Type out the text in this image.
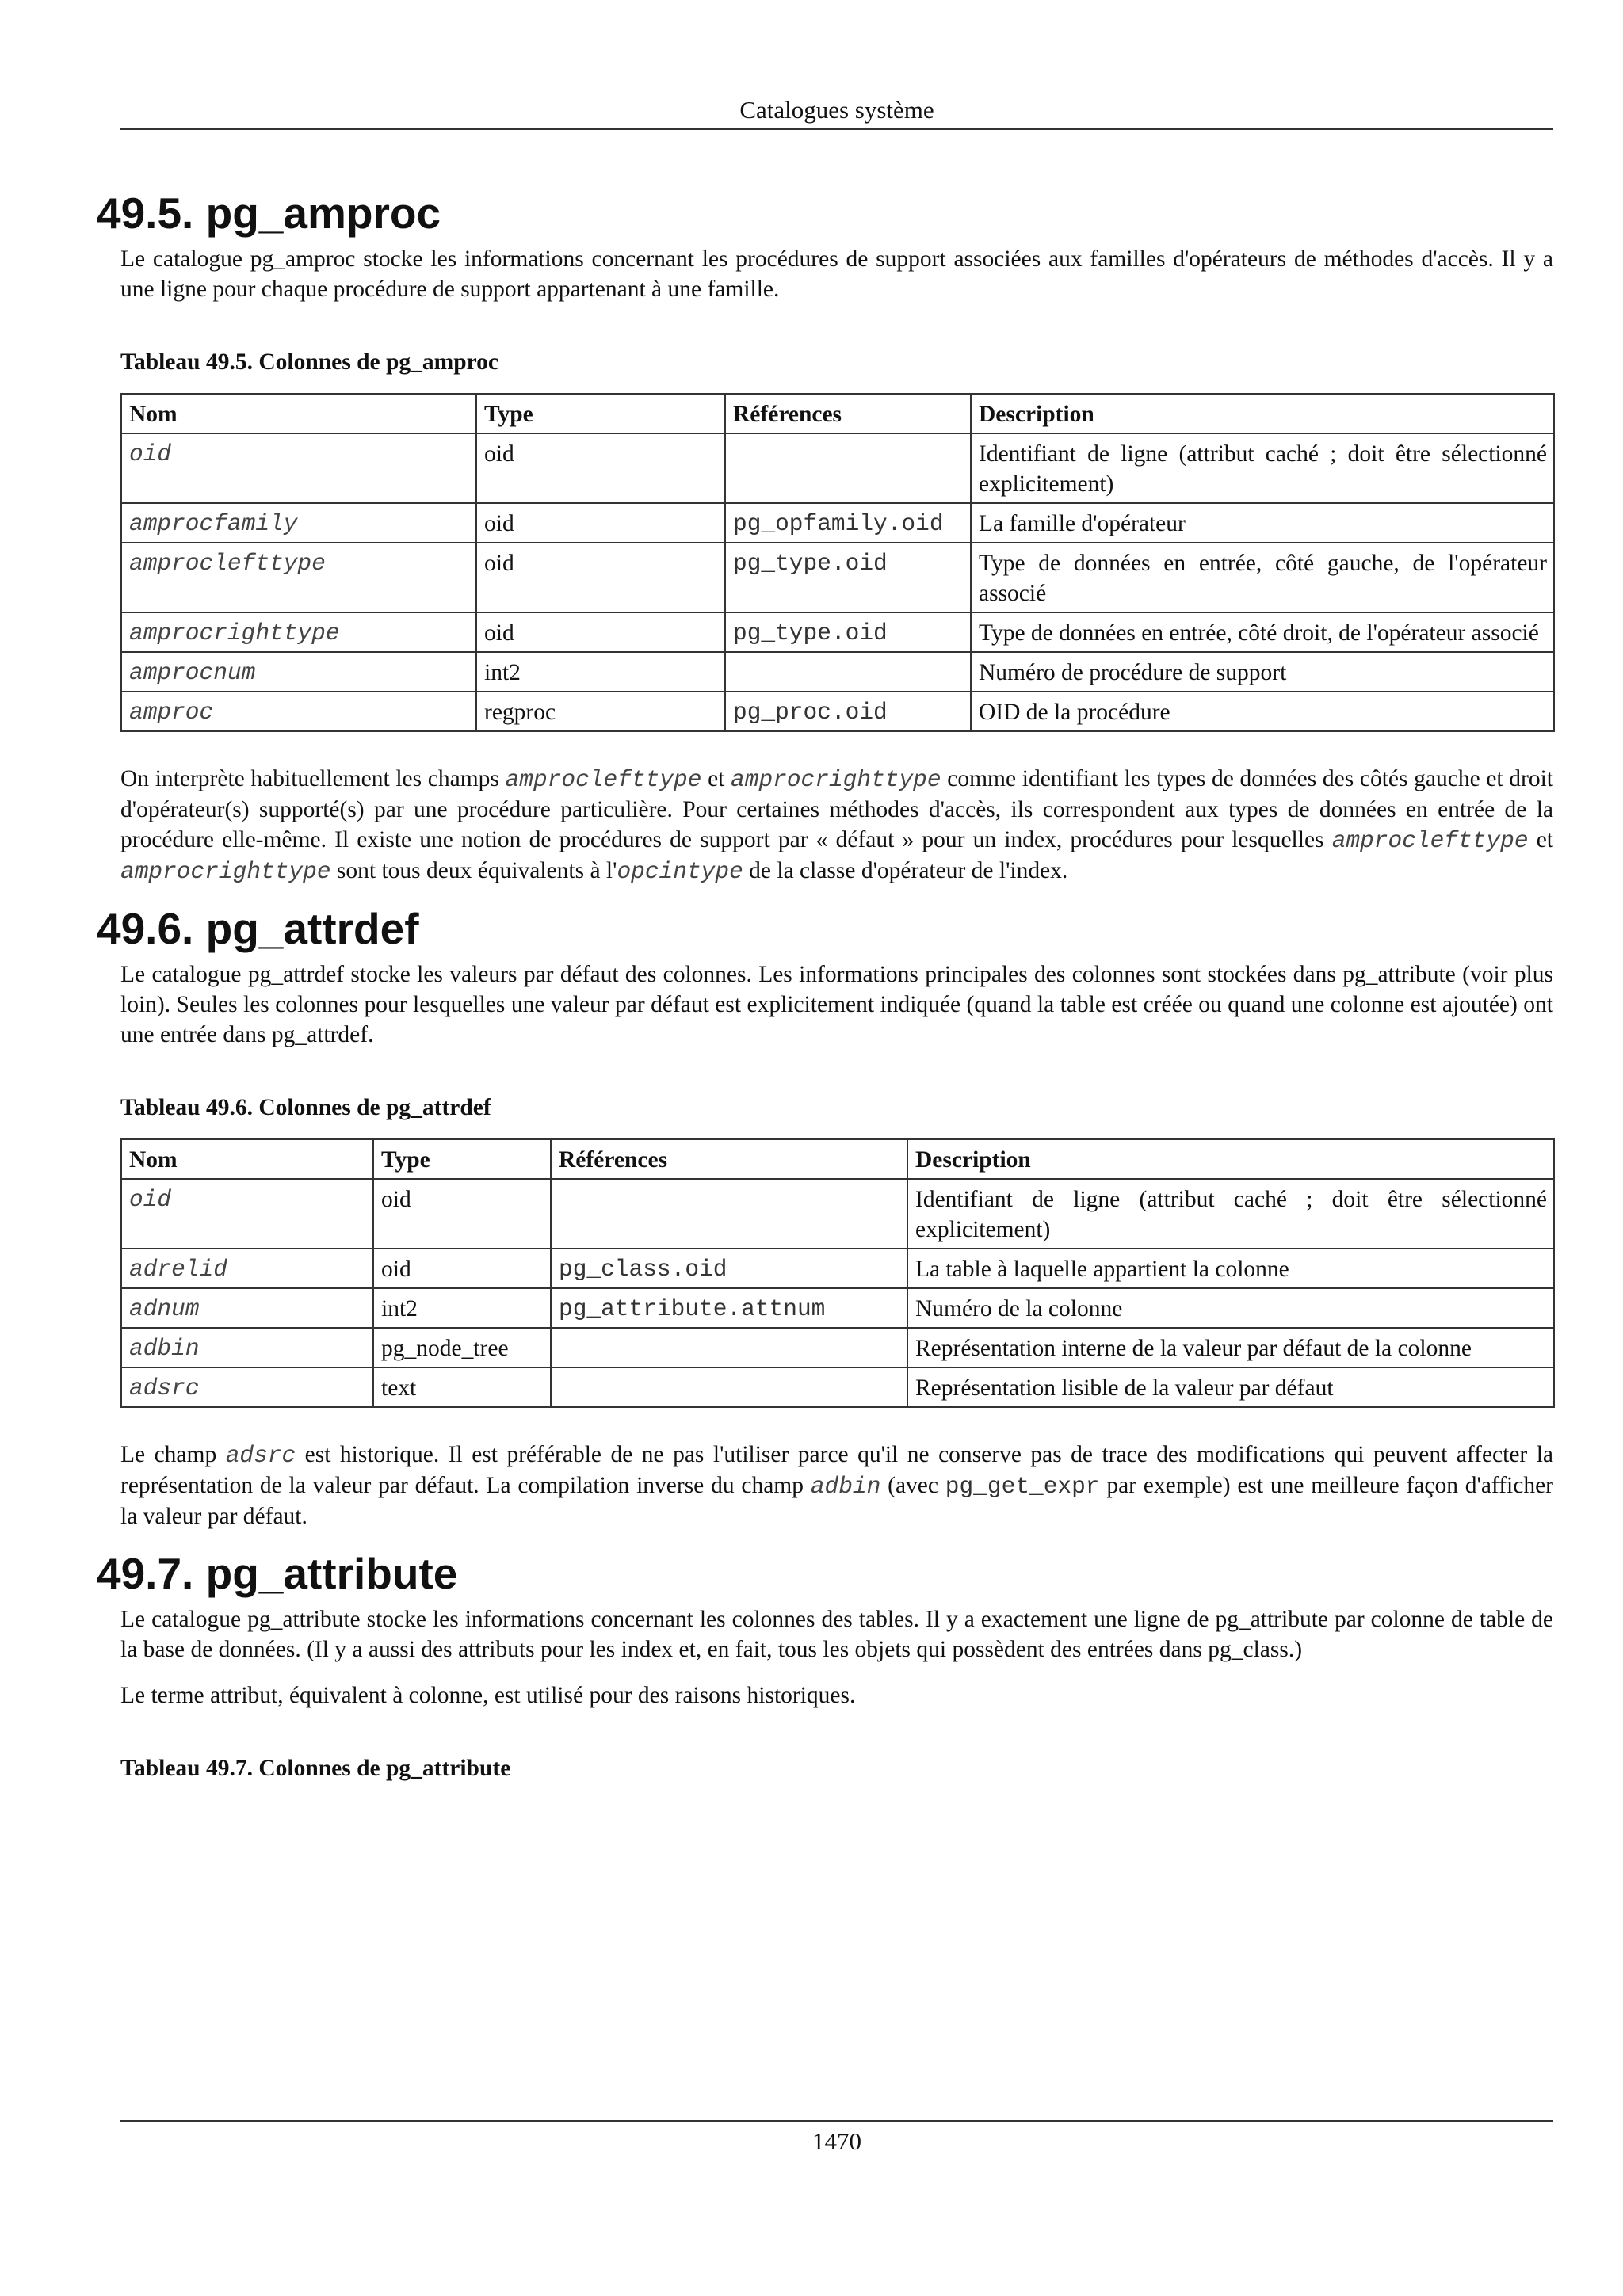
Catalogues système
49.5. pg_amproc

Le catalogue pg_amproc stocke les informations concernant les procédures de support associées aux familles d'opérateurs de méthodes d'accès. Il y a une ligne pour chaque procédure de support appartenant à une famille.

Tableau 49.5. Colonnes de pg_amproc
Nom	Type	Références	Description
oid	oid		Identifiant de ligne (attribut caché ; doit être sélectionné explicitement)
amprocfamily	oid	pg_opfamily.oid	La famille d'opérateur
amproclefttype	oid	pg_type.oid	Type de données en entrée, côté gauche, de l'opérateur associé
amprocrighttype	oid	pg_type.oid	Type de données en entrée, côté droit, de l'opérateur associé
amprocnum	int2		Numéro de procédure de support
amproc	regproc	pg_proc.oid	OID de la procédure

On interprète habituellement les champs amproclefttype et amprocrighttype comme identifiant les types de données des côtés gauche et droit d'opérateur(s) supporté(s) par une procédure particulière. Pour certaines méthodes d'accès, ils correspondent aux types de données en entrée de la procédure elle-même. Il existe une notion de procédures de support par « défaut » pour un index, procédures pour lesquelles amproclefttype et amprocrighttype sont tous deux équivalents à l'opcintype de la classe d'opérateur de l'index.

49.6. pg_attrdef

Le catalogue pg_attrdef stocke les valeurs par défaut des colonnes. Les informations principales des colonnes sont stockées dans pg_attribute (voir plus loin). Seules les colonnes pour lesquelles une valeur par défaut est explicitement indiquée (quand la table est créée ou quand une colonne est ajoutée) ont une entrée dans pg_attrdef.

Tableau 49.6. Colonnes de pg_attrdef
Nom	Type	Références	Description
oid	oid		Identifiant de ligne (attribut caché ; doit être sélectionné explicitement)
adrelid	oid	pg_class.oid	La table à laquelle appartient la colonne
adnum	int2	pg_attribute.attnum	Numéro de la colonne
adbin	pg_node_tree		Représentation interne de la valeur par défaut de la colonne
adsrc	text		Représentation lisible de la valeur par défaut

Le champ adsrc est historique. Il est préférable de ne pas l'utiliser parce qu'il ne conserve pas de trace des modifications qui peuvent affecter la représentation de la valeur par défaut. La compilation inverse du champ adbin (avec pg_get_expr par exemple) est une meilleure façon d'afficher la valeur par défaut.

49.7. pg_attribute

Le catalogue pg_attribute stocke les informations concernant les colonnes des tables. Il y a exactement une ligne de pg_attribute par colonne de table de la base de données. (Il y a aussi des attributs pour les index et, en fait, tous les objets qui possèdent des entrées dans pg_class.)

Le terme attribut, équivalent à colonne, est utilisé pour des raisons historiques.

Tableau 49.7. Colonnes de pg_attribute
1470
